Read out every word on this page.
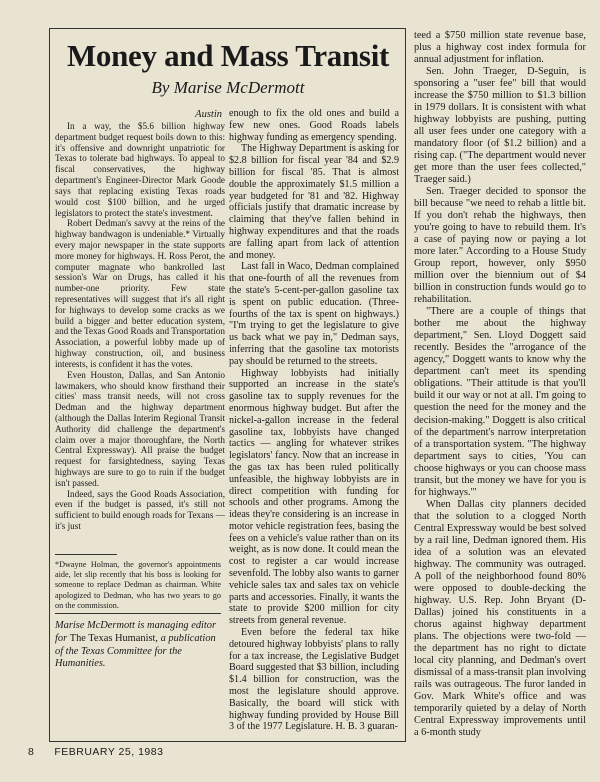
Money and Mass Transit
By Marise McDermott
Austin

In a way, the $5.6 billion highway department budget request boils down to this: it's offensive and downright unpatriotic for Texas to tolerate bad highways. To appeal to fiscal conservatives, the highway department's Engineer-Director Mark Goode says that replacing existing Texas roads would cost $100 billion, and he urged legislators to protect the state's investment.

Robert Dedman's savvy at the reins of the highway bandwagon is undeniable.* Virtually every major newspaper in the state supports more money for highways. H. Ross Perot, the computer magnate who bankrolled last session's War on Drugs, has called it his number-one priority. Few state representatives will suggest that it's all right for highways to develop some cracks as we build a bigger and better education system, and the Texas Good Roads and Transportation Association, a powerful lobby made up of highway construction, oil, and business interests, is confident it has the votes.

Even Houston, Dallas, and San Antonio lawmakers, who should know firsthand their cities' mass transit needs, will not cross Dedman and the highway department (although the Dallas Interim Regional Transit Authority did challenge the department's claim over a major thoroughfare, the North Central Expressway). All praise the budget request for farsightedness, saying Texas highways are sure to go to ruin if the budget isn't passed.

Indeed, says the Good Roads Association, even if the budget is passed, it's still not sufficient to build enough roads for Texans — it's just

*Dwayne Holman, the governor's appointments aide, let slip recently that his boss is looking for someone to replace Dedman as chairman. White apologized to Dedman, who has two years to go on the commission.
Marise McDermott is managing editor for The Texas Humanist, a publication of the Texas Committee for the Humanities.

enough to fix the old ones and build a few new ones. Good Roads labels highway funding as emergency spending.

The Highway Department is asking for $2.8 billion for fiscal year '84 and $2.9 billion for fiscal '85. That is almost double the approximately $1.5 million a year budgeted for '81 and '82. Highway officials justify that dramatic increase by claiming that they've fallen behind in highway expenditures and that the roads are falling apart from lack of attention and money.

Last fall in Waco, Dedman complained that one-fourth of all the revenues from the state's 5-cent-per-gallon gasoline tax is spent on public education. (Three-fourths of the tax is spent on highways.) "I'm trying to get the legislature to give us back what we pay in," Dedman says, inferring that the gasoline tax motorists pay should be returned to the streets.

Highway lobbyists had initially supported an increase in the state's gasoline tax to supply revenues for the enormous highway budget. But after the nickel-a-gallon increase in the federal gasoline tax, lobbyists have changed tactics — angling for whatever strikes legislators' fancy. Now that an increase in the gas tax has been ruled politically unfeasible, the highway lobbyists are in direct competition with funding for schools and other programs. Among the ideas they're considering is an increase in motor vehicle registration fees, basing the fees on a vehicle's value rather than on its weight, as is now done. It could mean the cost to register a car would increase sevenfold. The lobby also wants to garner vehicle sales tax and sales tax on vehicle parts and accessories. Finally, it wants the state to provide $200 million for city streets from general revenue.

Even before the federal tax hike detoured highway lobbyists' plans to rally for a tax increase, the Legislative Budget Board suggested that $3 billion, including $1.4 billion for construction, was the most the legislature should approve. Basically, the board will stick with highway funding provided by House Bill 3 of the 1977 Legislature. H. B. 3 guaran-

teed a $750 million state revenue base, plus a highway cost index formula for annual adjustment for inflation.

Sen. John Traeger, D-Seguin, is sponsoring a "user fee" bill that would increase the $750 million to $1.3 billion in 1979 dollars. It is consistent with what highway lobbyists are pushing, putting all user fees under one category with a mandatory floor (of $1.2 billion) and a rising cap. ("The department would never get more than the user fees collected," Traeger said.)

Sen. Traeger decided to sponsor the bill because "we need to rehab a little bit. If you don't rehab the highways, then you're going to have to rebuild them. It's a case of paying now or paying a lot more later." According to a House Study Group report, however, only $950 million over the biennium out of $4 billion in construction funds would go to rehabilitation.

"There are a couple of things that bother me about the highway department," Sen. Lloyd Doggett said recently. Besides the "arrogance of the agency," Doggett wants to know why the department can't meet its spending obligations. "Their attitude is that you'll build it our way or not at all. I'm going to question the need for the money and the decision-making." Doggett is also critical of the department's narrow interpretation of a transportation system. "The highway department says to cities, 'You can choose highways or you can choose mass transit, but the money we have for you is for highways.'"

When Dallas city planners decided that the solution to a clogged North Central Expressway would be best solved by a rail line, Dedman ignored them. His idea of a solution was an elevated highway. The community was outraged. A poll of the neighborhood found 80% were opposed to double-decking the highway. U.S. Rep. John Bryant (D-Dallas) joined his constituents in a chorus against highway department plans. The objections were two-fold — the department has no right to dictate local city planning, and Dedman's overt dismissal of a mass-transit plan involving rails was outrageous. The furor landed in Gov. Mark White's office and was temporarily quieted by a delay of North Central Expressway improvements until a 6-month study

8 FEBRUARY 25, 1983
